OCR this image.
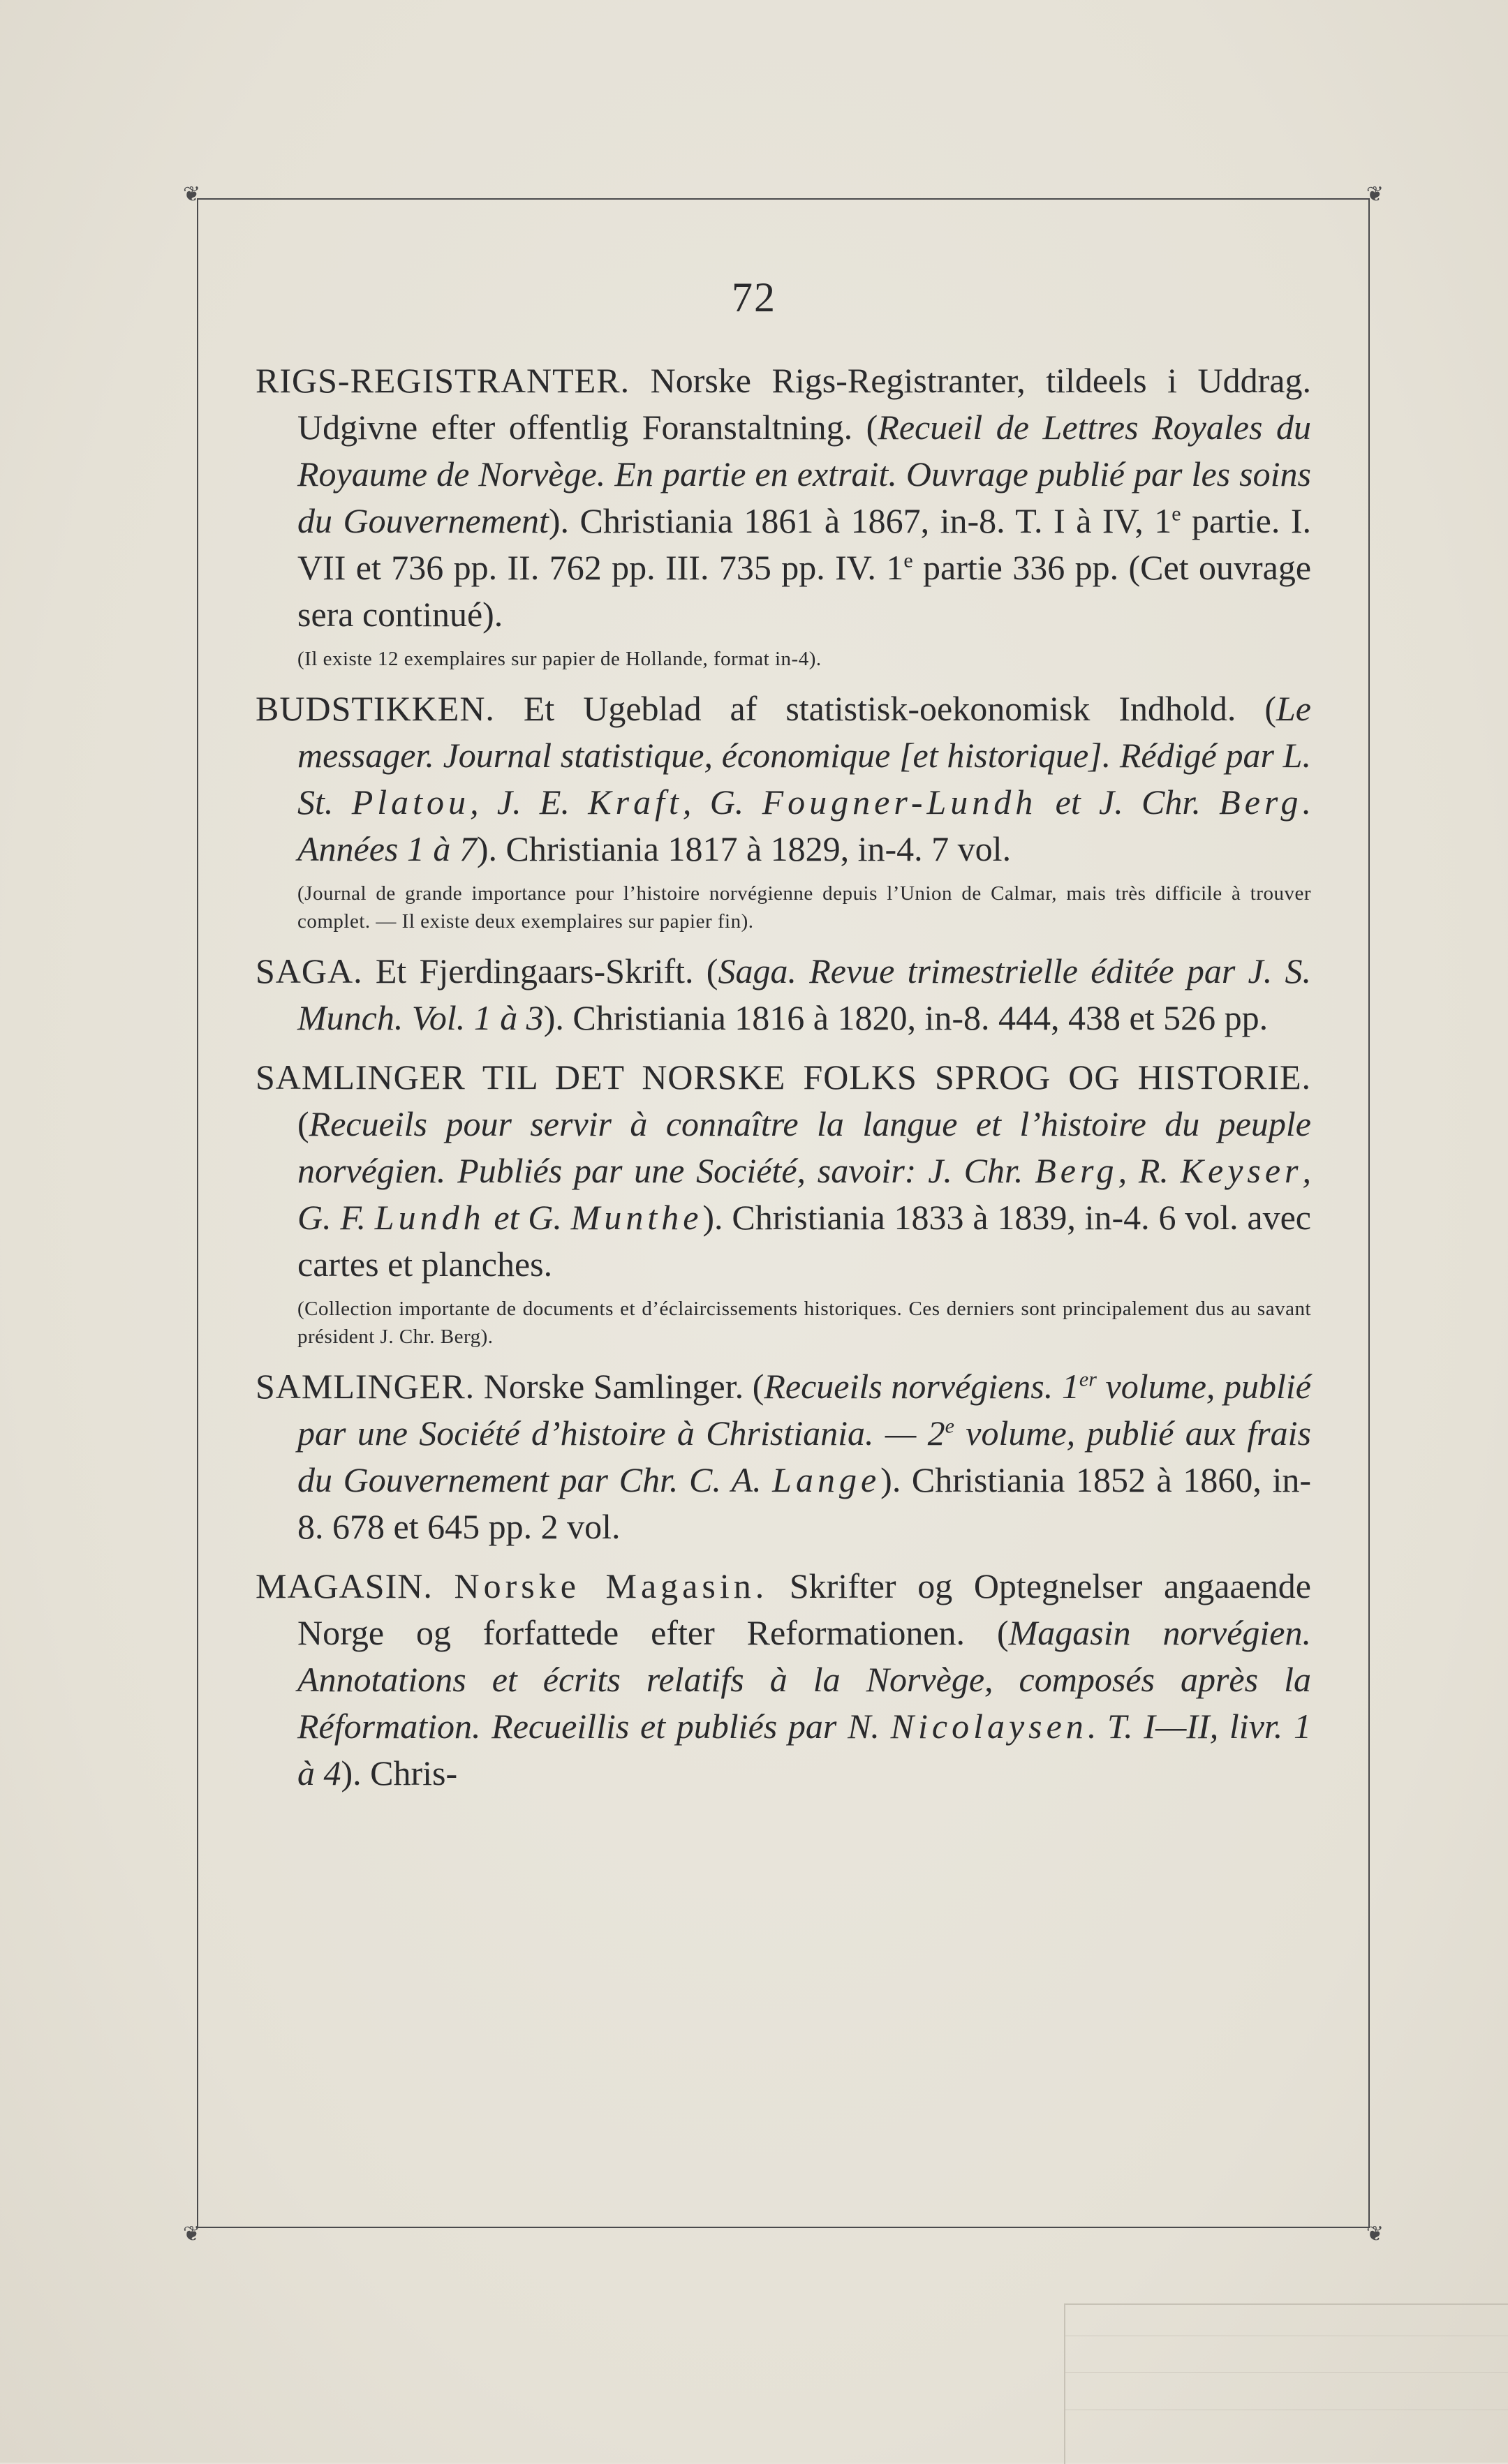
❦	❦
❦	❦
72

RIGS-REGISTRANTER. Norske Rigs-Registranter, tildeels i Uddrag. Udgivne efter offentlig Foranstaltning. (Recueil de Lettres Royales du Royaume de Norvège. En partie en extrait. Ouvrage publié par les soins du Gouvernement). Christiania 1861 à 1867, in-8. T. I à IV, 1e partie. I. VII et 736 pp. II. 762 pp. III. 735 pp. IV. 1e partie 336 pp. (Cet ouvrage sera continué).

(Il existe 12 exemplaires sur papier de Hollande, format in-4).

BUDSTIKKEN. Et Ugeblad af statistisk-oekonomisk Indhold. (Le messager. Journal statistique, économique [et historique]. Rédigé par L. St. Platou, J. E. Kraft, G. Fougner-Lundh et J. Chr. Berg. Années 1 à 7). Christiania 1817 à 1829, in-4. 7 vol.

(Journal de grande importance pour l’histoire norvégienne depuis l’Union de Calmar, mais très difficile à trouver complet. — Il existe deux exemplaires sur papier fin).

SAGA. Et Fjerdingaars-Skrift. (Saga. Revue trimestrielle éditée par J. S. Munch. Vol. 1 à 3). Christiania 1816 à 1820, in-8. 444, 438 et 526 pp.

SAMLINGER TIL DET NORSKE FOLKS SPROG OG HISTORIE. (Recueils pour servir à connaître la langue et l’histoire du peuple norvégien. Publiés par une Société, savoir: J. Chr. Berg, R. Keyser, G. F. Lundh et G. Munthe). Christiania 1833 à 1839, in-4. 6 vol. avec cartes et planches.

(Collection importante de documents et d’éclaircissements historiques. Ces derniers sont principalement dus au savant président J. Chr. Berg).

SAMLINGER. Norske Samlinger. (Recueils norvégiens. 1er volume, publié par une Société d’histoire à Christiania. — 2e volume, publié aux frais du Gouvernement par Chr. C. A. Lange). Christiania 1852 à 1860, in-8. 678 et 645 pp. 2 vol.

MAGASIN. Norske Magasin. Skrifter og Optegnelser angaaende Norge og forfattede efter Reformationen. (Magasin norvégien. Annotations et écrits relatifs à la Norvège, composés après la Réformation. Recueillis et publiés par N. Nicolaysen. T. I—II, livr. 1 à 4). Chris-
